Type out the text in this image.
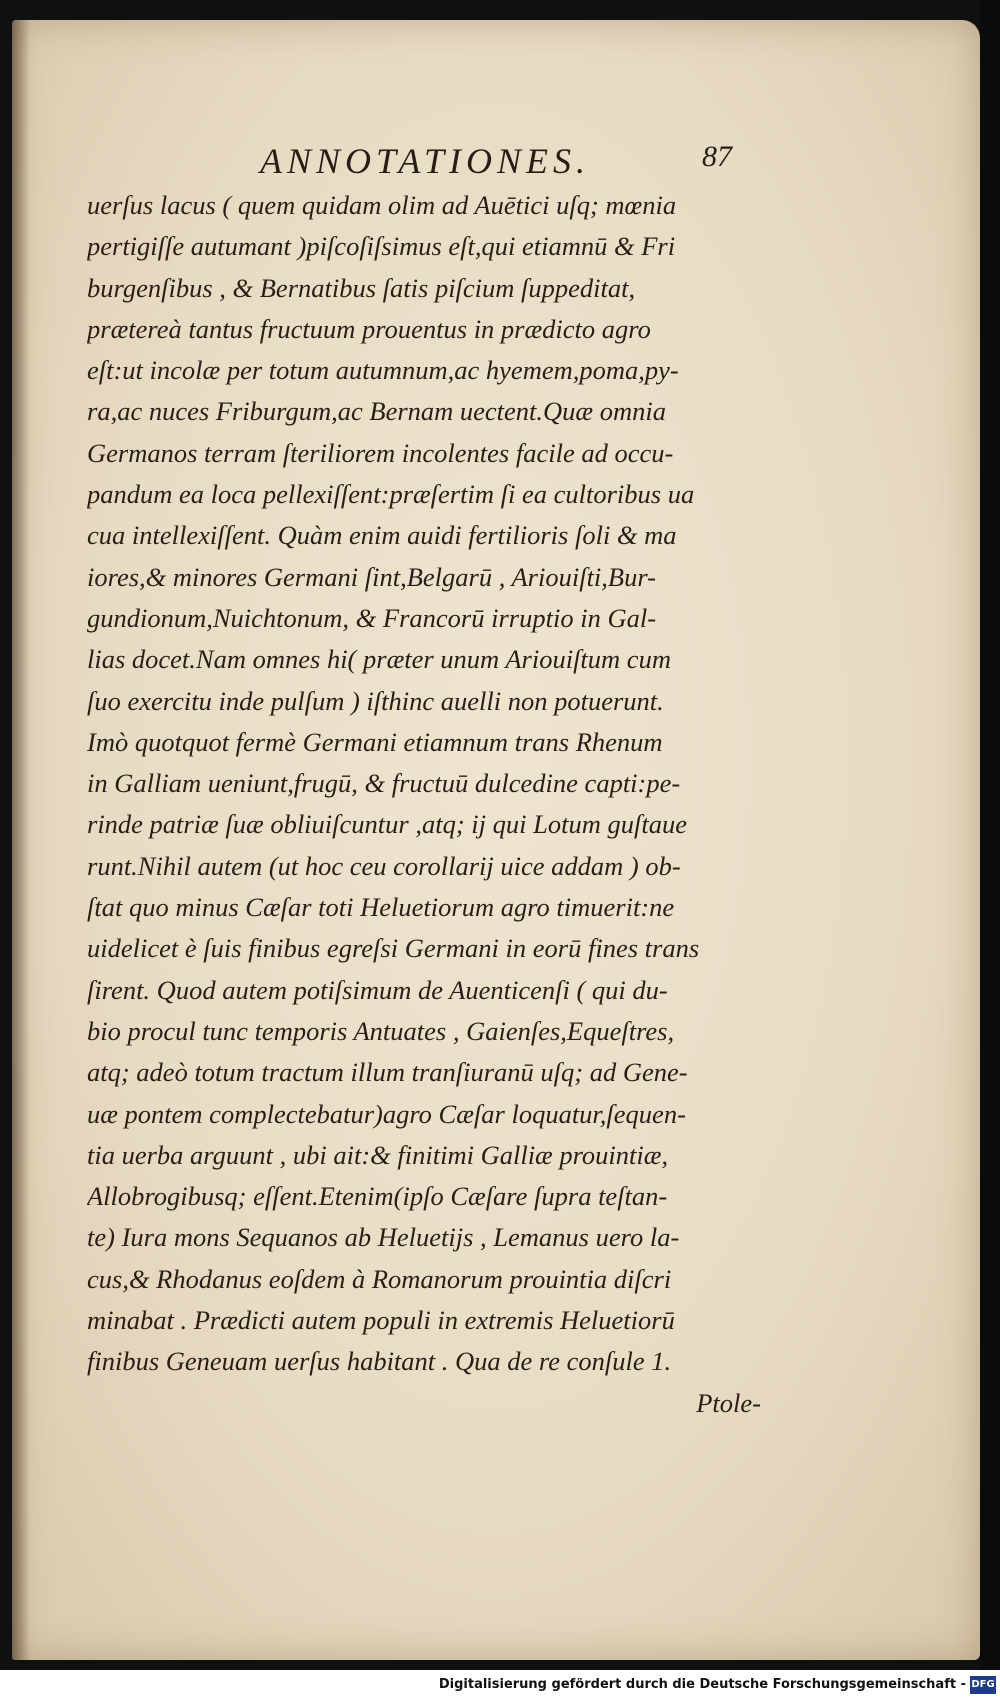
ANNOTATIONES.	87
uerſus lacus ( quem quidam olim ad Auētici uſq; mœnia
pertigiſſe autumant )piſcoſiſsimus eſt,qui etiamnū & Fri
burgenſibus , & Bernatibus ſatis piſcium ſuppeditat,
prætereà tantus fructuum prouentus in prædicto agro
eſt:ut incolæ per totum autumnum,ac hyemem,poma,py-
ra,ac nuces Friburgum,ac Bernam uectent.Quæ omnia
Germanos terram ſteriliorem incolentes facile ad occu-
pandum ea loca pellexiſſent:præſertim ſi ea cultoribus ua
cua intellexiſſent. Quàm enim auidi fertilioris ſoli & ma
iores,& minores Germani ſint,Belgarū , Ariouiſti,Bur-
gundionum,Nuichtonum, & Francorū irruptio in Gal-
lias docet.Nam omnes hi( præter unum Ariouiſtum cum
ſuo exercitu inde pulſum ) iſthinc auelli non potuerunt.
Imò quotquot fermè Germani etiamnum trans Rhenum
in Galliam ueniunt,frugū, & fructuū dulcedine capti:pe-
rinde patriæ ſuæ obliuiſcuntur ,atq; ij qui Lotum guſtaue
runt.Nihil autem (ut hoc ceu corollarij uice addam ) ob-
ſtat quo minus Cæſar toti Heluetiorum agro timuerit:ne
uidelicet è ſuis finibus egreſsi Germani in eorū fines trans
ſirent. Quod autem potiſsimum de Auenticenſi ( qui du-
bio procul tunc temporis Antuates , Gaienſes,Equeſtres,
atq; adeò totum tractum illum tranſiuranū uſq; ad Gene-
uæ pontem complectebatur)agro Cæſar loquatur,ſequen-
tia uerba arguunt , ubi ait:& finitimi Galliæ prouintiæ,
Allobrogibusq; eſſent.Etenim(ipſo Cæſare ſupra teſtan-
te) Iura mons Sequanos ab Heluetijs , Lemanus uero la-
cus,& Rhodanus eoſdem à Romanorum prouintia diſcri
minabat . Prædicti autem populi in extremis Heluetiorū
finibus Geneuam uerſus habitant . Qua de re conſule 1.
Ptole-
Digitalisierung gefördert durch die Deutsche Forschungsgemeinschaft - DFG
